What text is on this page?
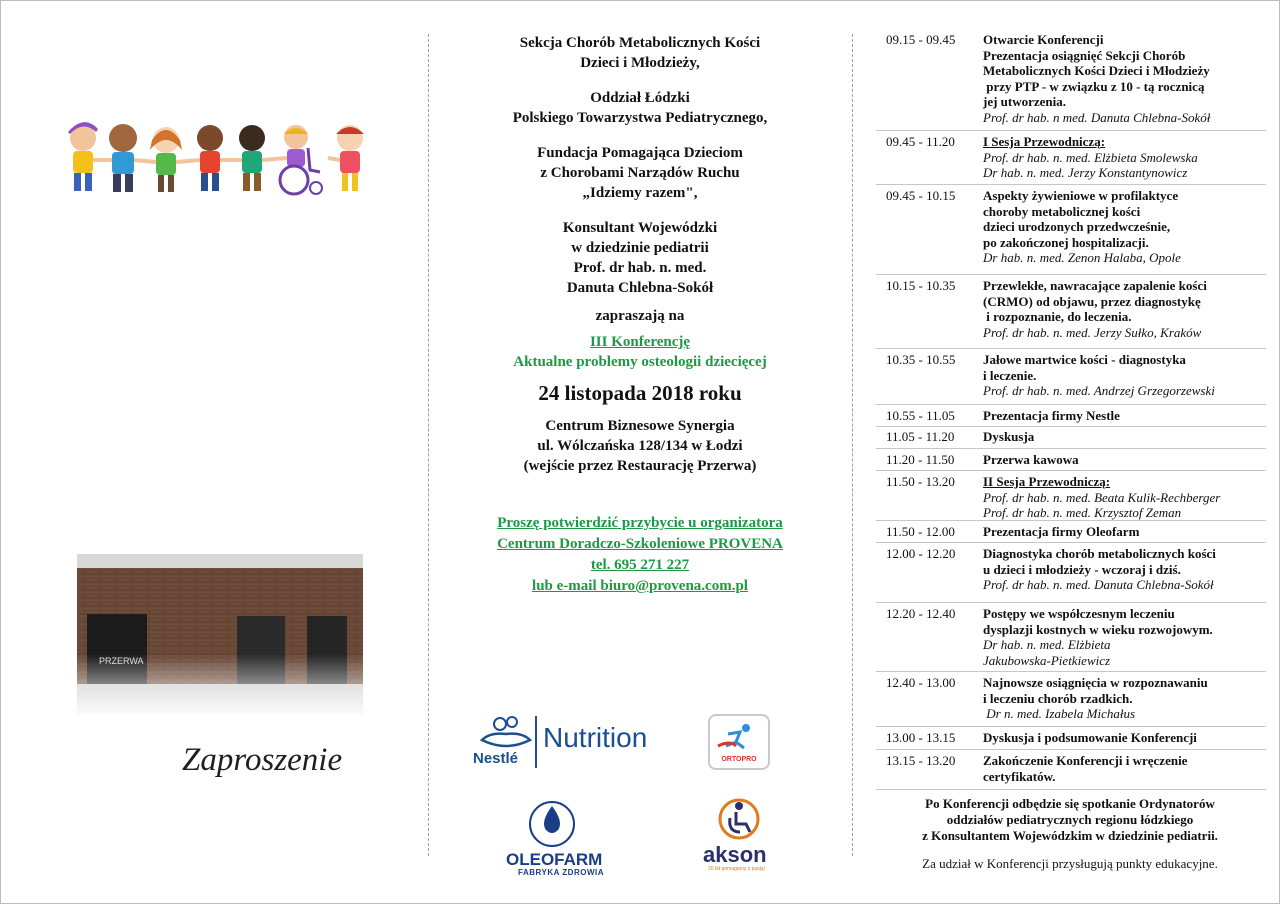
Zaproszenie
Sekcja Chorób Metabolicznych Kości
Dzieci i Młodzieży,
Oddział Łódzki
Polskiego Towarzystwa Pediatrycznego,
Fundacja Pomagająca Dzieciom
z Chorobami Narządów Ruchu
„Idziemy razem",
Konsultant Wojewódzki
w dziedzinie pediatrii
Prof. dr hab. n. med.
Danuta Chlebna-Sokół
zapraszają na
III Konferencję
Aktualne problemy osteologii dziecięcej
24 listopada 2018 roku
Centrum Biznesowe Synergia
ul. Wólczańska 128/134 w Łodzi
(wejście przez Restaurację Przerwa)
Proszę potwierdzić przybycie u organizatora
Centrum Doradczo-Szkoleniowe PROVENA
tel. 695 271 227
lub e-mail biuro@provena.com.pl
Nutrition
Nestlé	ORTOPRO
OLEOFARM
FABRYKA ZDROWIA
akson
20 lat pomagamy z pasją!
09.15 - 09.45	Otwarcie Konferencji
Prezentacja osiągnięć Sekcji Chorób
Metabolicznych Kości Dzieci i Młodzieży
przy PTP - w związku z 10 - tą rocznicą
jej utworzenia.
Prof. dr hab. n med. Danuta Chlebna-Sokół
09.45 - 11.20	I Sesja Przewodniczą:
Prof. dr hab. n. med. Elżbieta Smolewska
Dr hab. n. med. Jerzy Konstantynowicz
09.45 - 10.15	Aspekty żywieniowe w profilaktyce
choroby metabolicznej kości
dzieci urodzonych przedwcześnie,
po zakończonej hospitalizacji.
Dr hab. n. med. Zenon Halaba, Opole
10.15 - 10.35	Przewlekłe, nawracające zapalenie kości
(CRMO) od objawu, przez diagnostykę
i rozpoznanie, do leczenia.
Prof. dr hab. n. med. Jerzy Sułko, Kraków
10.35 - 10.55	Jałowe martwice kości - diagnostyka
i leczenie.
Prof. dr hab. n. med. Andrzej Grzegorzewski
10.55 - 11.05	Prezentacja firmy Nestle
11.05 - 11.20	Dyskusja
11.20 - 11.50	Przerwa kawowa
11.50 - 13.20	II Sesja Przewodniczą:
Prof. dr hab. n. med. Beata Kulik-Rechberger
Prof. dr hab. n. med. Krzysztof Zeman
11.50 - 12.00	Prezentacja firmy Oleofarm
12.00 - 12.20	Diagnostyka chorób metabolicznych kości
u dzieci i młodzieży - wczoraj i dziś.
Prof. dr hab. n. med. Danuta Chlebna-Sokół
12.20 - 12.40	Postępy we współczesnym leczeniu
dysplazji kostnych w wieku rozwojowym.
Dr hab. n. med. Elżbieta
Jakubowska-Pietkiewicz
12.40 - 13.00	Najnowsze osiągnięcia w rozpoznawaniu
i leczeniu chorób rzadkich.
Dr n. med. Izabela Michałus
13.00 - 13.15	Dyskusja i podsumowanie Konferencji
13.15 - 13.20	Zakończenie Konferencji i wręczenie
certyfikatów.
Po Konferencji odbędzie się spotkanie Ordynatorów
oddziałów pediatrycznych regionu łódzkiego
z Konsultantem Wojewódzkim w dziedzinie pediatrii.
Za udział w Konferencji przysługują punkty edukacyjne.
